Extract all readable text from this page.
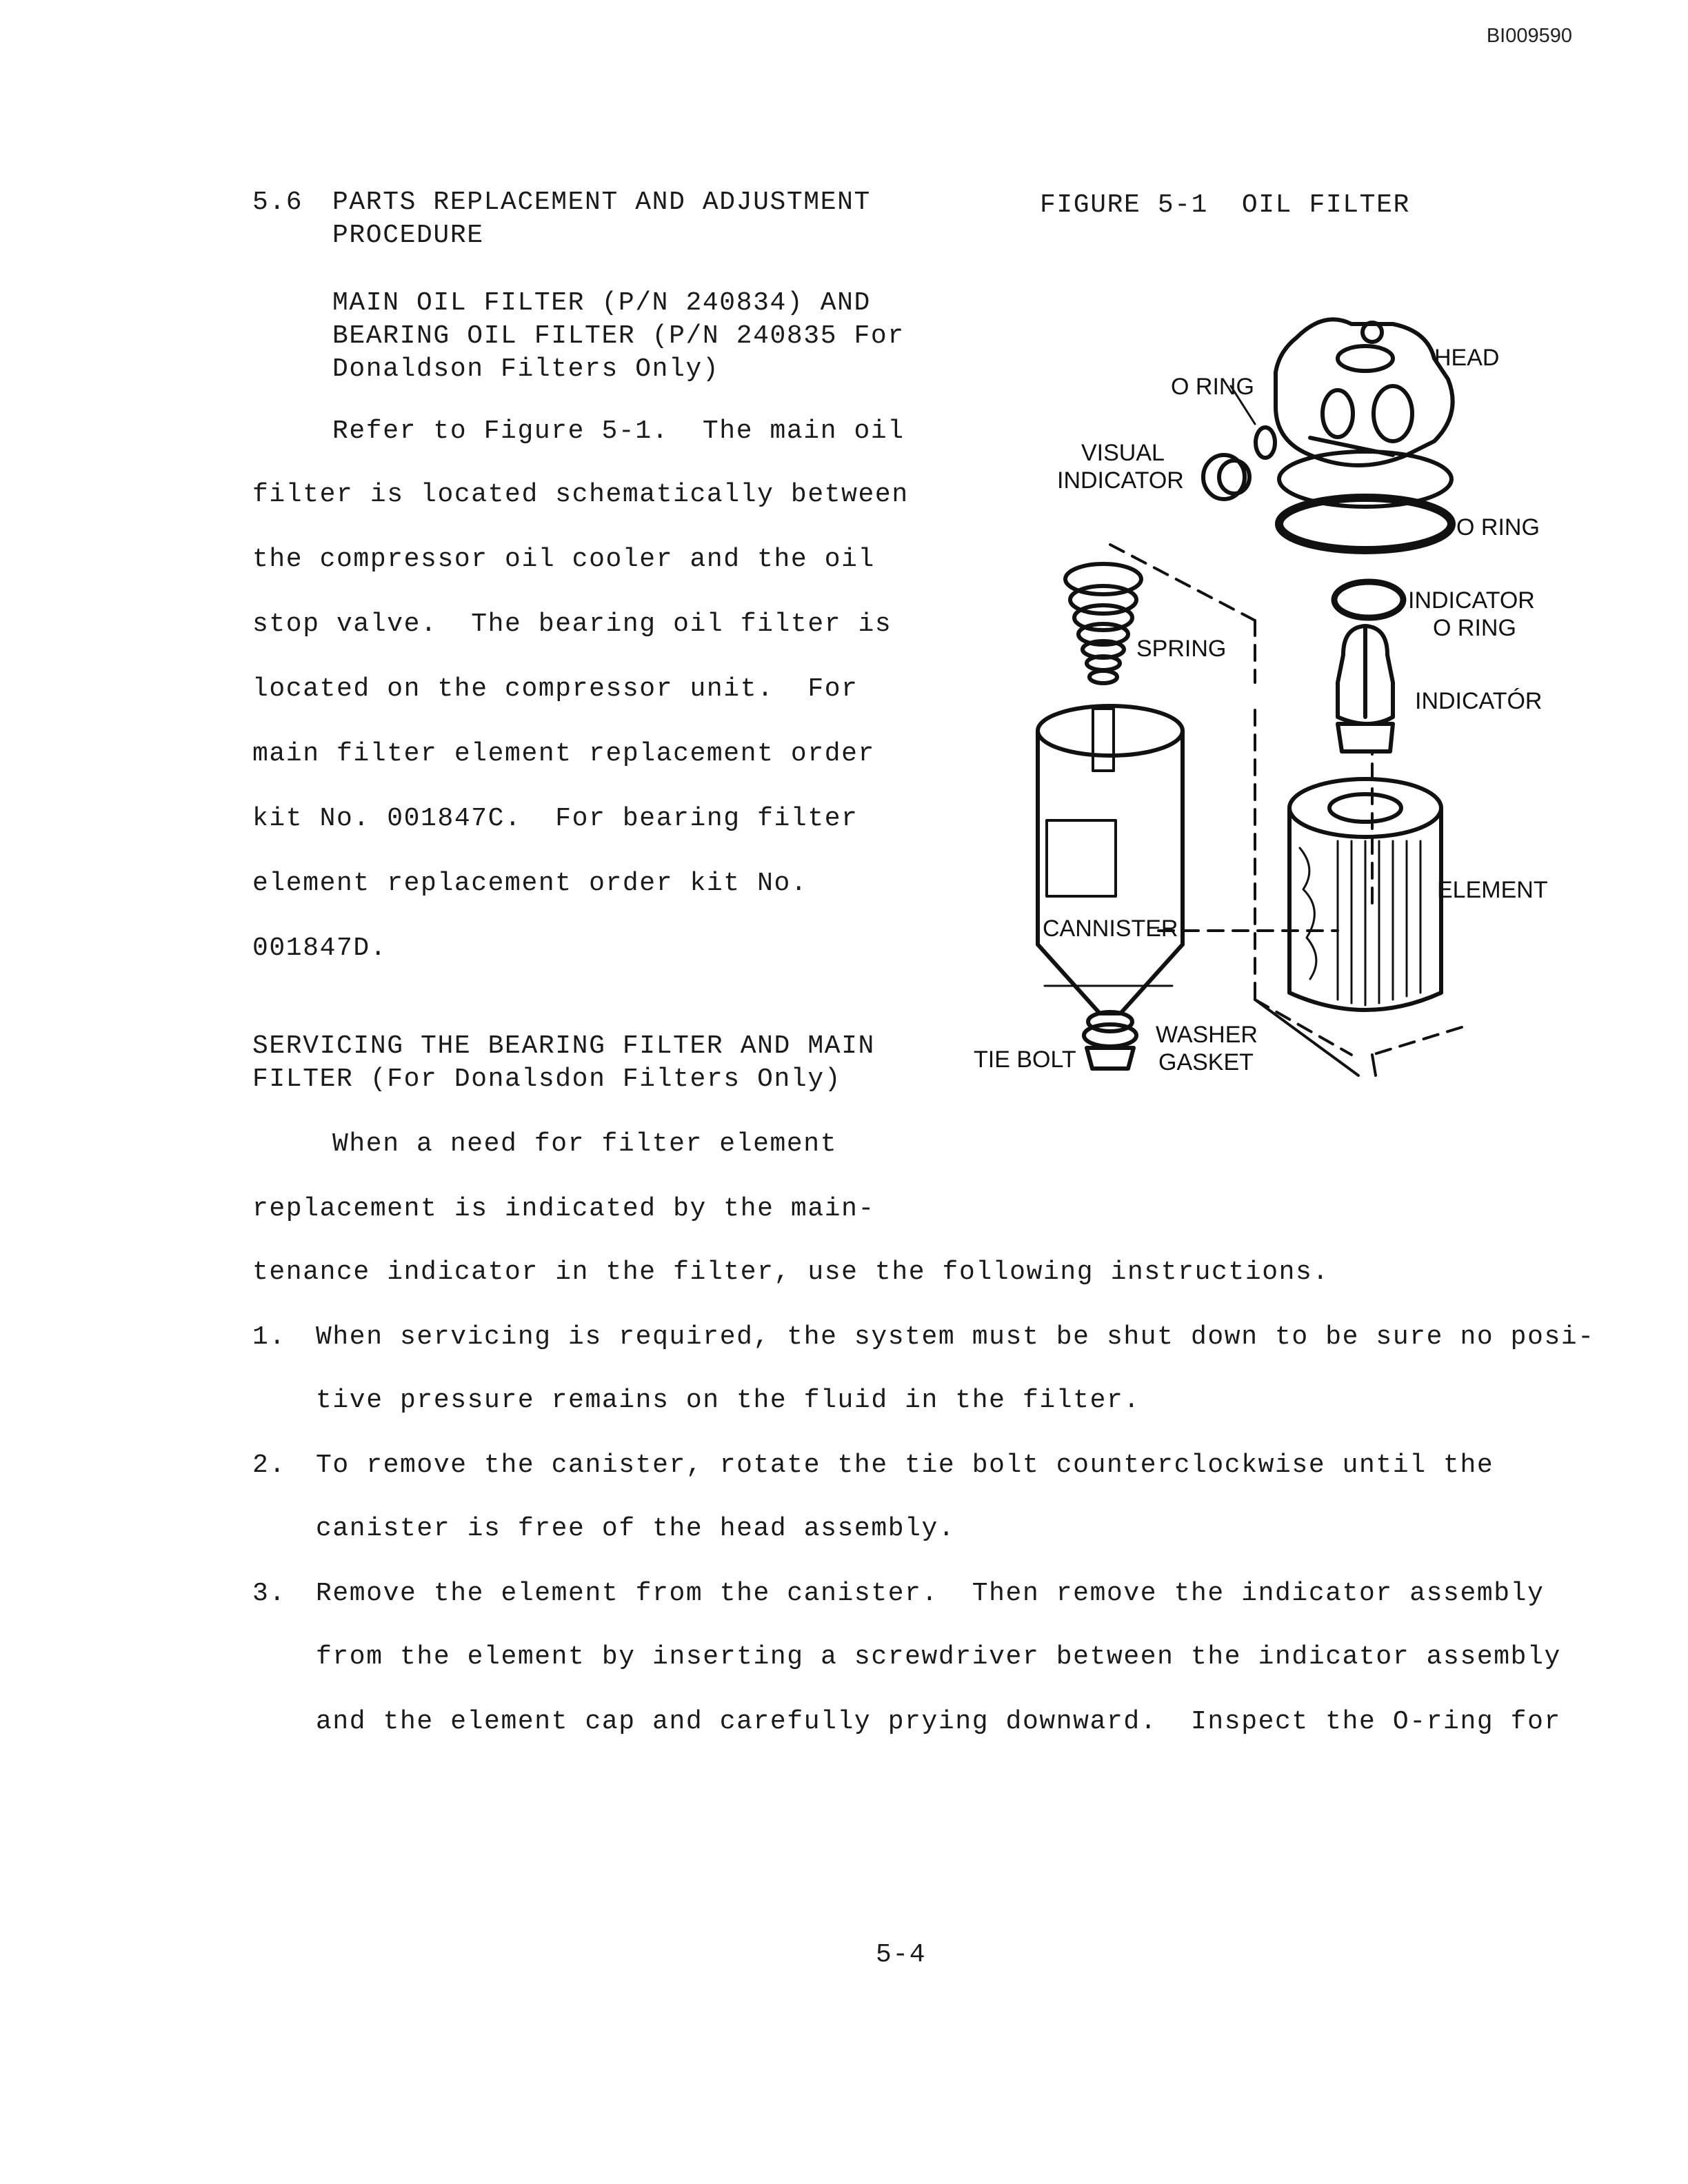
BI009590
5.6 PARTS REPLACEMENT AND ADJUSTMENT
PROCEDURE
MAIN OIL FILTER (P/N 240834) AND
BEARING OIL FILTER (P/N 240835 For
Donaldson Filters Only)
Refer to Figure 5-1.  The main oil
filter is located schematically between
the compressor oil cooler and the oil
stop valve.  The bearing oil filter is
located on the compressor unit.  For
main filter element replacement order
kit No. 001847C.  For bearing filter
element replacement order kit No.
001847D.
FIGURE 5-1  OIL FILTER
HEAD
O RING
VISUAL
INDICATOR
O RING
INDICATOR
O RING
SPRING
INDICATÓR
ELEMENT
CANNISTER
WASHER
GASKET
TIE BOLT
SERVICING THE BEARING FILTER AND MAIN
FILTER (For Donalsdon Filters Only)
When a need for filter element
replacement is indicated by the main-
tenance indicator in the filter, use the following instructions.
1. When servicing is required, the system must be shut down to be sure no posi-
tive pressure remains on the fluid in the filter.
2. To remove the canister, rotate the tie bolt counterclockwise until the
canister is free of the head assembly.
3. Remove the element from the canister.  Then remove the indicator assembly
from the element by inserting a screwdriver between the indicator assembly
and the element cap and carefully prying downward.  Inspect the O-ring for
5-4
